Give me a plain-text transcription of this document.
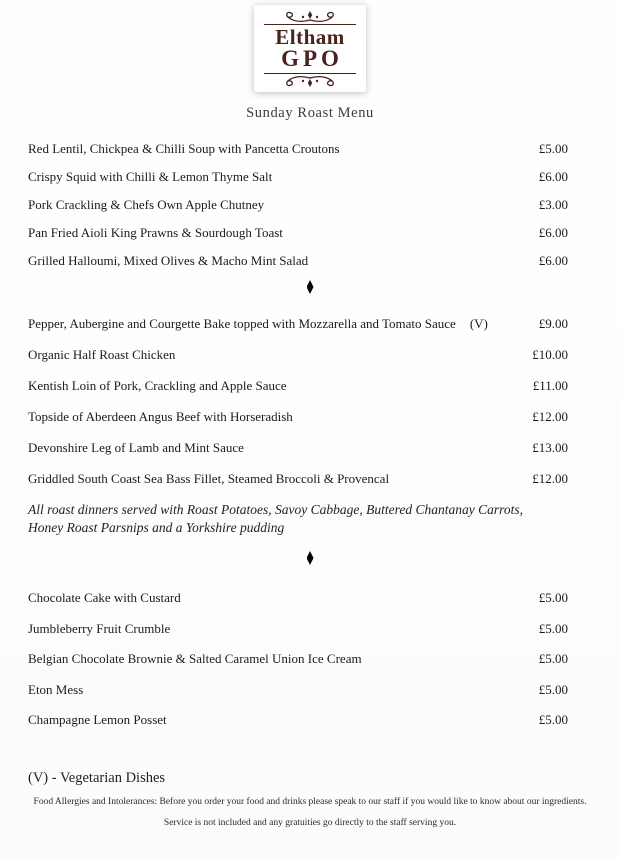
Eltham
GPO
Sunday Roast Menu
Red Lentil, Chickpea & Chilli Soup with Pancetta Croutons	£5.00
Crispy Squid with Chilli & Lemon Thyme Salt	£6.00
Pork Crackling & Chefs Own Apple Chutney	£3.00
Pan Fried Aioli King Prawns & Sourdough Toast	£6.00
Grilled Halloumi, Mixed Olives & Macho Mint Salad	£6.00
Pepper, Aubergine and Courgette Bake topped with Mozzarella and Tomato Sauce (V)	£9.00
Organic Half Roast Chicken	£10.00
Kentish Loin of Pork, Crackling and Apple Sauce	£11.00
Topside of Aberdeen Angus Beef with Horseradish	£12.00
Devonshire Leg of Lamb and Mint Sauce	£13.00
Griddled South Coast Sea Bass Fillet, Steamed Broccoli & Provencal	£12.00

All roast dinners served with Roast Potatoes, Savoy Cabbage, Buttered Chantanay Carrots, Honey Roast Parsnips and a Yorkshire pudding

Chocolate Cake with Custard	£5.00
Jumbleberry Fruit Crumble	£5.00
Belgian Chocolate Brownie & Salted Caramel Union Ice Cream	£5.00
Eton Mess	£5.00
Champagne Lemon Posset	£5.00

(V) - Vegetarian Dishes

Food Allergies and Intolerances: Before you order your food and drinks please speak to our staff if you would like to know about our ingredients.

Service is not included and any gratuities go directly to the staff serving you.
